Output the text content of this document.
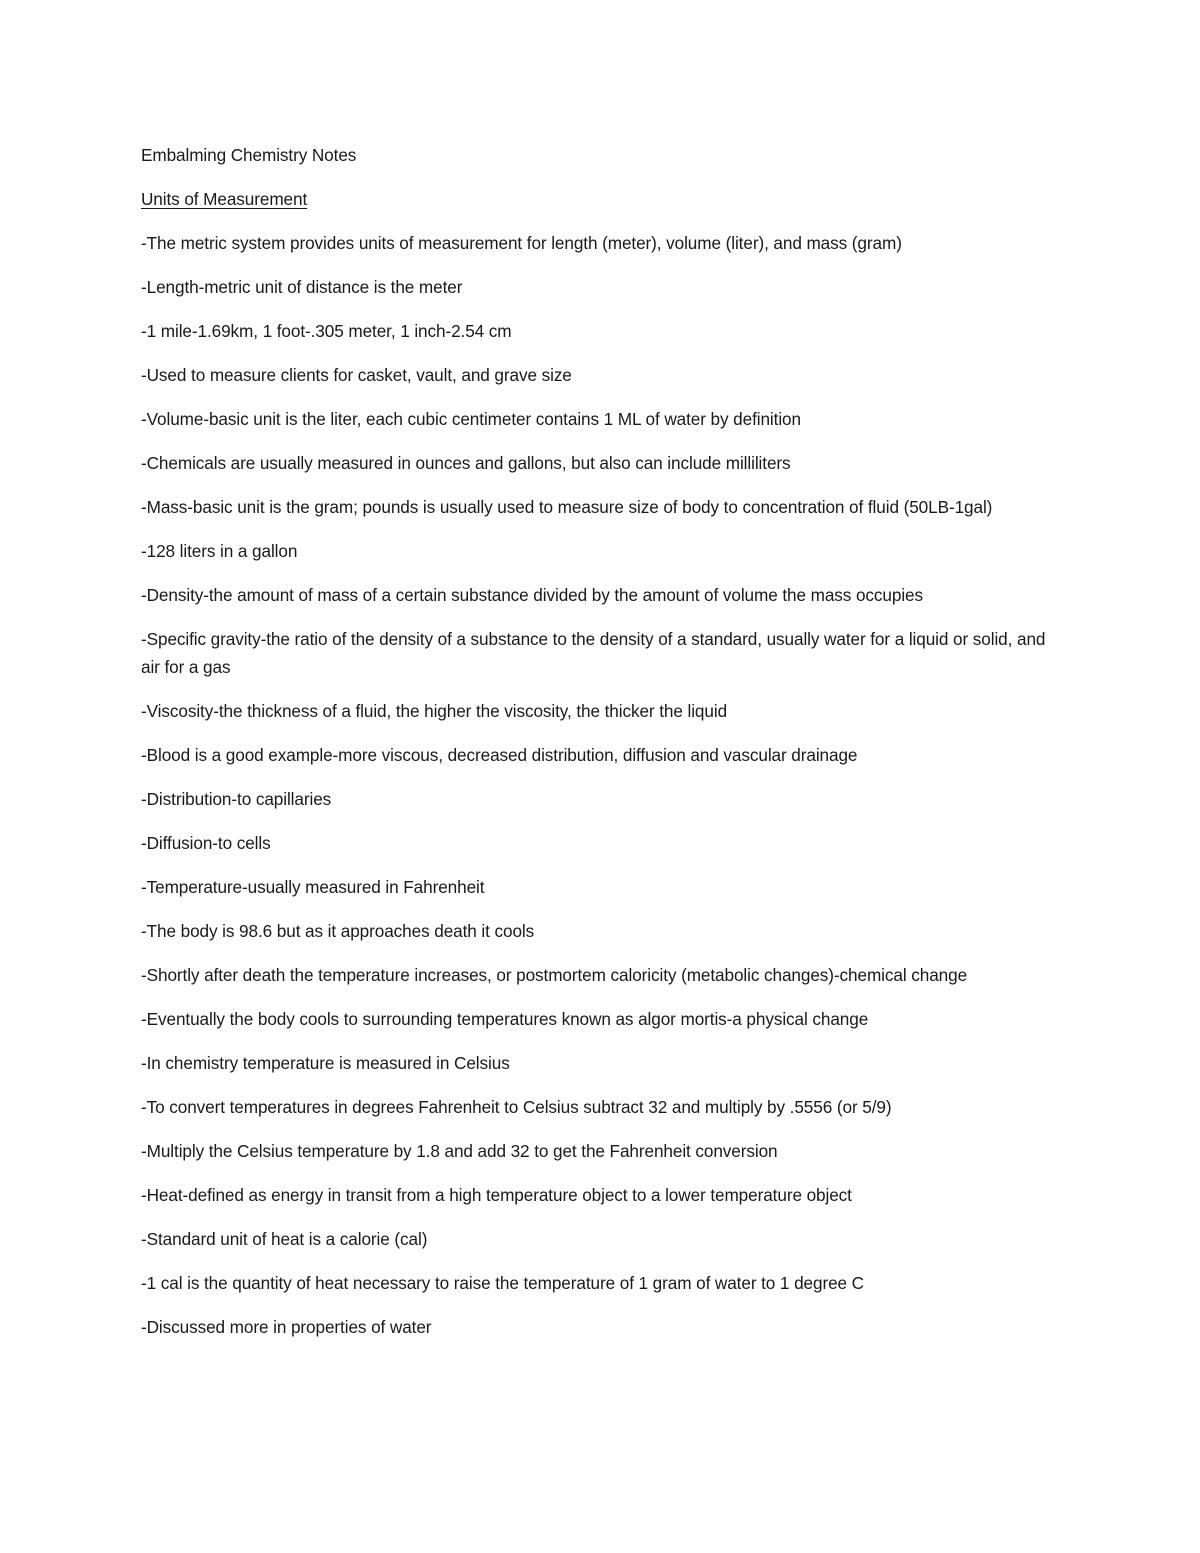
Embalming Chemistry Notes

Units of Measurement

-The metric system provides units of measurement for length (meter), volume (liter), and mass (gram)

-Length-metric unit of distance is the meter

-1 mile-1.69km, 1 foot-.305 meter, 1 inch-2.54 cm

-Used to measure clients for casket, vault, and grave size

-Volume-basic unit is the liter, each cubic centimeter contains 1 ML of water by definition

-Chemicals are usually measured in ounces and gallons, but also can include milliliters

-Mass-basic unit is the gram; pounds is usually used to measure size of body to concentration of fluid (50LB-1gal)

-128 liters in a gallon

-Density-the amount of mass of a certain substance divided by the amount of volume the mass occupies

-Specific gravity-the ratio of the density of a substance to the density of a standard, usually water for a liquid or solid, and air for a gas

-Viscosity-the thickness of a fluid, the higher the viscosity, the thicker the liquid

-Blood is a good example-more viscous, decreased distribution, diffusion and vascular drainage

-Distribution-to capillaries

-Diffusion-to cells

-Temperature-usually measured in Fahrenheit

-The body is 98.6 but as it approaches death it cools

-Shortly after death the temperature increases, or postmortem caloricity (metabolic changes)-chemical change

-Eventually the body cools to surrounding temperatures known as algor mortis-a physical change

-In chemistry temperature is measured in Celsius

-To convert temperatures in degrees Fahrenheit to Celsius subtract 32 and multiply by .5556 (or 5/9)

-Multiply the Celsius temperature by 1.8 and add 32 to get the Fahrenheit conversion

-Heat-defined as energy in transit from a high temperature object to a lower temperature object

-Standard unit of heat is a calorie (cal)

-1 cal is the quantity of heat necessary to raise the temperature of 1 gram of water to 1 degree C

-Discussed more in properties of water
